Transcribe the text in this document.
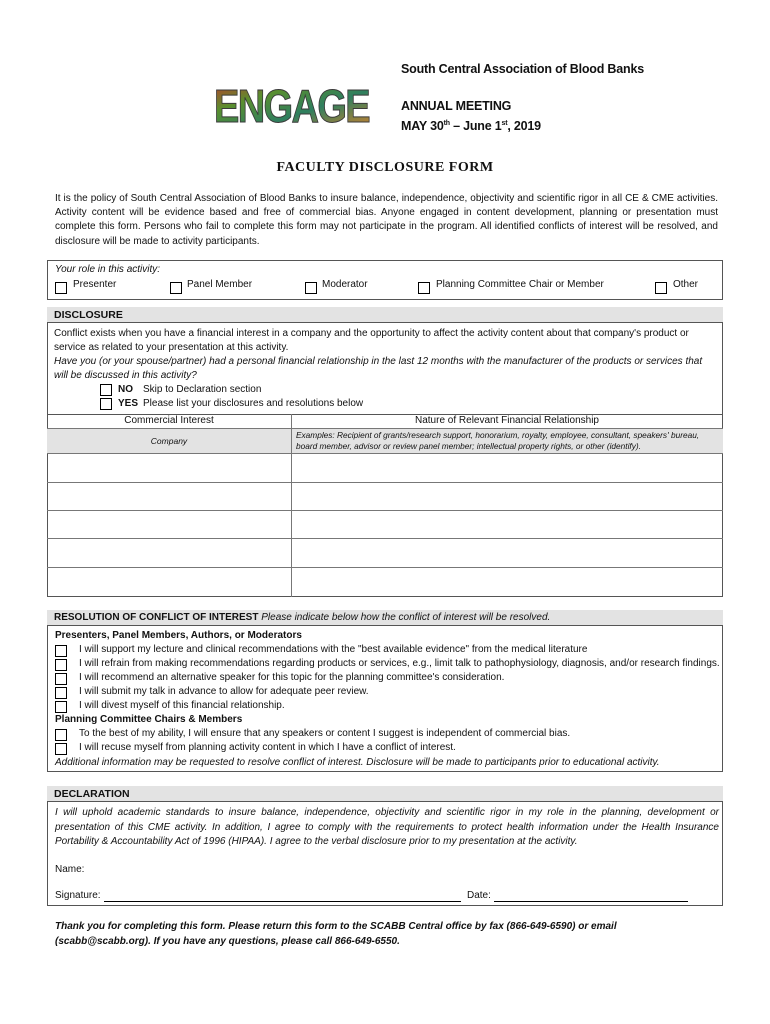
ENGAGE
South Central Association of Blood Banks
ANNUAL MEETING
MAY 30th – June 1st, 2019
FACULTY DISCLOSURE FORM
It is the policy of South Central Association of Blood Banks to insure balance, independence, objectivity and scientific rigor in all CE & CME activities. Activity content will be evidence based and free of commercial bias. Anyone engaged in content development, planning or presentation must complete this form. Persons who fail to complete this form may not participate in the program. All identified conflicts of interest will be resolved, and disclosure will be made to activity participants.
Your role in this activity:
Presenter	Panel Member	Moderator	Planning Committee Chair or Member	Other
DISCLOSURE
Conflict exists when you have a financial interest in a company and the opportunity to affect the activity content about that company's product or service as related to your presentation at this activity.
Have you (or your spouse/partner) had a personal financial relationship in the last 12 months with the manufacturer of the products or services that will be discussed in this activity?
NO Skip to Declaration section
YES Please list your disclosures and resolutions below
Commercial Interest	Nature of Relevant Financial Relationship
Company
Examples: Recipient of grants/research support, honorarium, royalty, employee, consultant, speakers' bureau, board member, advisor or review panel member; intellectual property rights, or other (identify).
RESOLUTION OF CONFLICT OF INTEREST Please indicate below how the conflict of interest will be resolved.
Presenters, Panel Members, Authors, or Moderators
I will support my lecture and clinical recommendations with the "best available evidence" from the medical literature
I will refrain from making recommendations regarding products or services, e.g., limit talk to pathophysiology, diagnosis, and/or research findings.
I will recommend an alternative speaker for this topic for the planning committee's consideration.
I will submit my talk in advance to allow for adequate peer review.
I will divest myself of this financial relationship.
Planning Committee Chairs & Members
To the best of my ability, I will ensure that any speakers or content I suggest is independent of commercial bias.
I will recuse myself from planning activity content in which I have a conflict of interest.
Additional information may be requested to resolve conflict of interest. Disclosure will be made to participants prior to educational activity.
DECLARATION
I will uphold academic standards to insure balance, independence, objectivity and scientific rigor in my role in the planning, development or presentation of this CME activity. In addition, I agree to comply with the requirements to protect health information under the Health Insurance Portability & Accountability Act of 1996 (HIPAA). I agree to the verbal disclosure prior to my presentation at the activity.
Name:
Signature:	Date:
Thank you for completing this form. Please return this form to the SCABB Central office by fax (866-649-6590) or email (scabb@scabb.org). If you have any questions, please call 866-649-6550.
